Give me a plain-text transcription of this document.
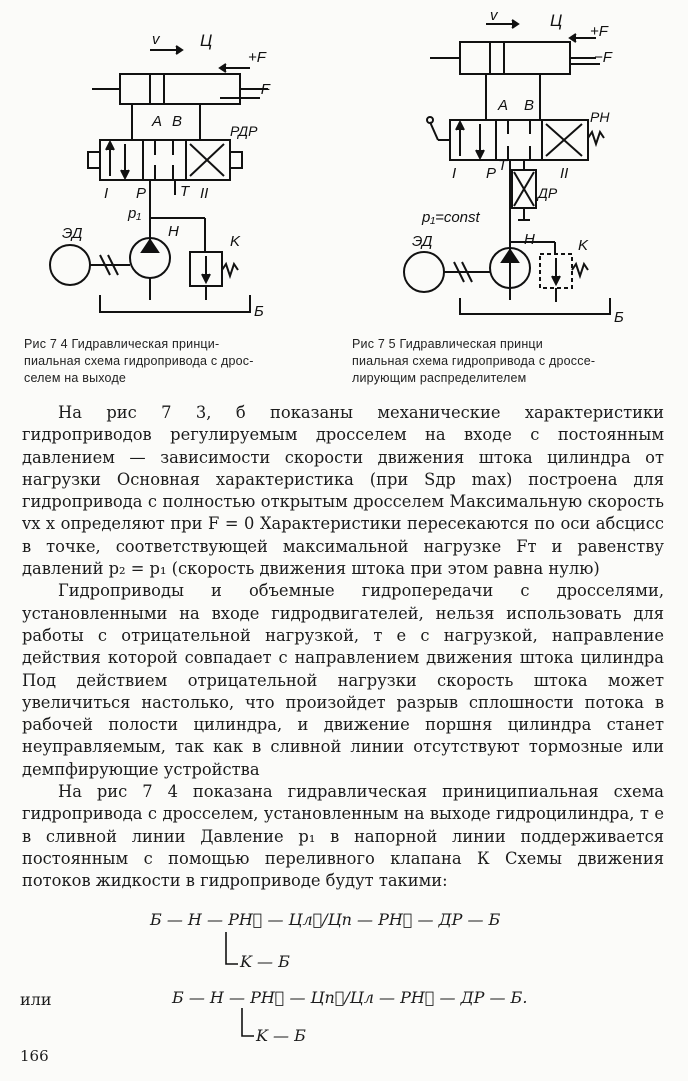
v Ц
+F
−F
A B
РДР
I P T II
p₁
ЭД	H
K
Б
v	Ц
+F
−F
A B
PH
I P T	II
ДР
p₁=const
ЭД	H	K
Б
Рис 7 4 Гидравлическая принци-
пиальная схема гидропривода с дрос-
селем на выходе
Рис 7 5 Гидравлическая принци
пиальная схема гидропривода с дроссе-
лирующим распределителем

На рис 7 3, б показаны механические характеристики гидроприводов регулируемым дросселем на входе с постоянным давлением — зависимости скорости движения штока цилиндра от нагрузки Основная характеристика (при Sдр max) построена для гидропривода с полностью открытым дросселем Максимальную скорость vх х определяют при F = 0 Характеристики пересекаются по оси абсцисс в точке, соответствующей максимальной нагрузке Fт и равенству давлений p₂ = p₁ (скорость движения штока при этом равна нулю)

Гидроприводы и объемные гидропередачи с дросселями, установленными на входе гидродвигателей, нельзя использовать для работы с отрицательной нагрузкой, т е с нагрузкой, направление действия которой совпадает с направлением движения штока цилиндра Под действием отрицательной нагрузки скорость штока может увеличиться настолько, что произойдет разрыв сплошности потока в рабочей полости цилиндра, и движение поршня цилиндра станет неуправляемым, так как в сливной линии отсутствуют тормозные или демпфирующие устройства

На рис 7 4 показана гидравлическая приниципиальная схема гидропривода с дросселем, установленным на выходе гидроцилиндра, т е в сливной линии Давление p₁ в напорной линии поддерживается постоянным с помощью переливного клапана К Схемы движения потоков жидкости в гидроприводе будут такими:

Б — Н — PH⃗ — Цл⃗/Цп — PH⃗ — ДР — Б
K — Б
или	Б — Н — PH⃖ — Цп⃖/Цл — PH⃖ — ДР — Б.
K — Б
166
